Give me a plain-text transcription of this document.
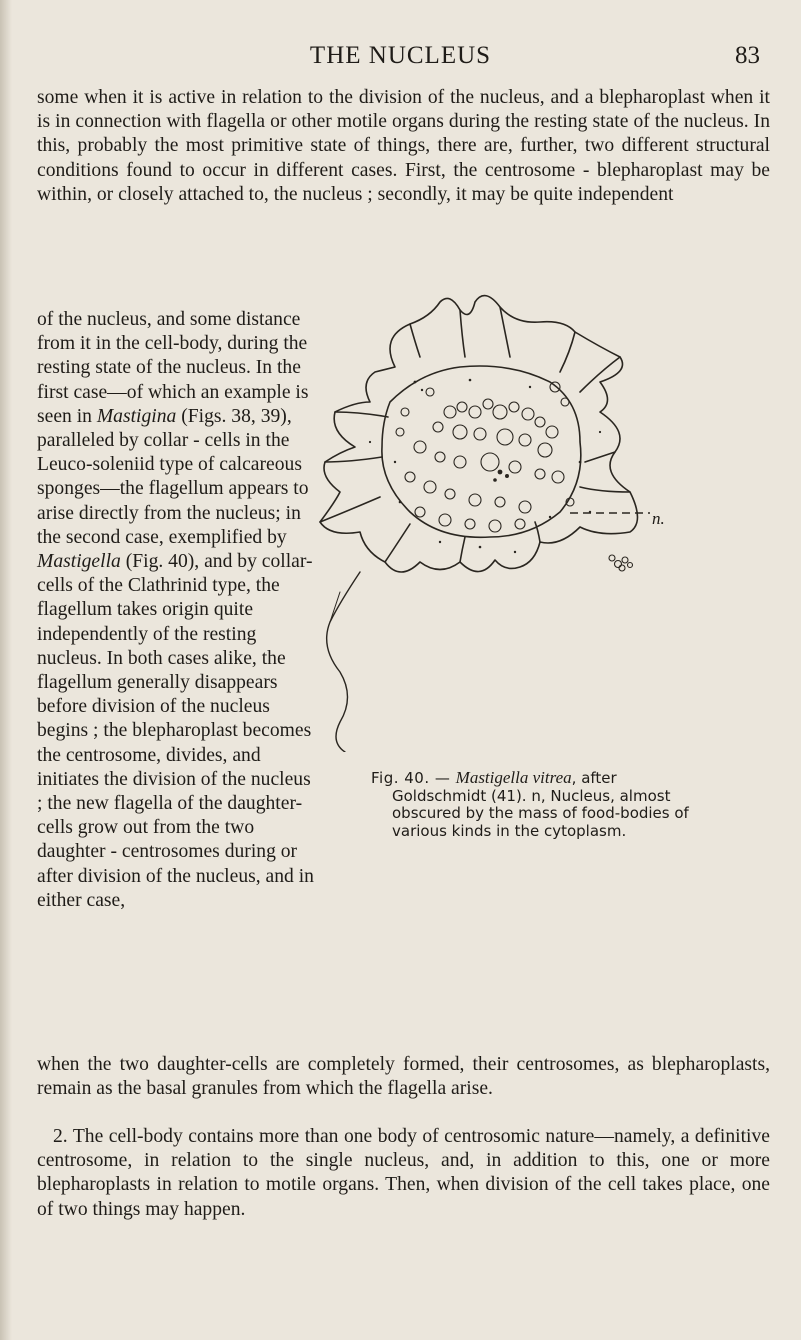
THE NUCLEUS	83

some when it is active in relation to the division of the nucleus, and a blepharoplast when it is in connection with flagella or other motile organs during the resting state of the nucleus. In this, probably the most primitive state of things, there are, further, two different structural conditions found to occur in different cases. First, the centrosome - blepharoplast may be within, or closely attached to, the nucleus ; secondly, it may be quite independent

of the nucleus, and some distance from it in the cell-body, during the resting state of the nucleus. In the first case—of which an example is seen in Mastigina (Figs. 38, 39), paralleled by collar - cells in the Leuco-soleniid type of calcareous sponges—the flagellum appears to arise directly from the nucleus; in the second case, exemplified by Mastigella (Fig. 40), and by collar-cells of the Clathrinid type, the flagellum takes origin quite independently of the resting nucleus. In both cases alike, the flagellum generally disappears before division of the nucleus begins ; the blepharoplast becomes the centrosome, divides, and initiates the division of the nucleus ; the new flagella of the daughter-cells grow out from the two daughter - centrosomes during or after division of the nucleus, and in either case,

n.

Fig. 40. — Mastigella vitrea, after
Goldschmidt (41). n, Nucleus, almost obscured by the mass of food-bodies of various kinds in the cytoplasm.

when the two daughter-cells are completely formed, their centrosomes, as blepharoplasts, remain as the basal granules from which the flagella arise.

2. The cell-body contains more than one body of centrosomic nature—namely, a definitive centrosome, in relation to the single nucleus, and, in addition to this, one or more blepharoplasts in relation to motile organs. Then, when division of the cell takes place, one of two things may happen.
